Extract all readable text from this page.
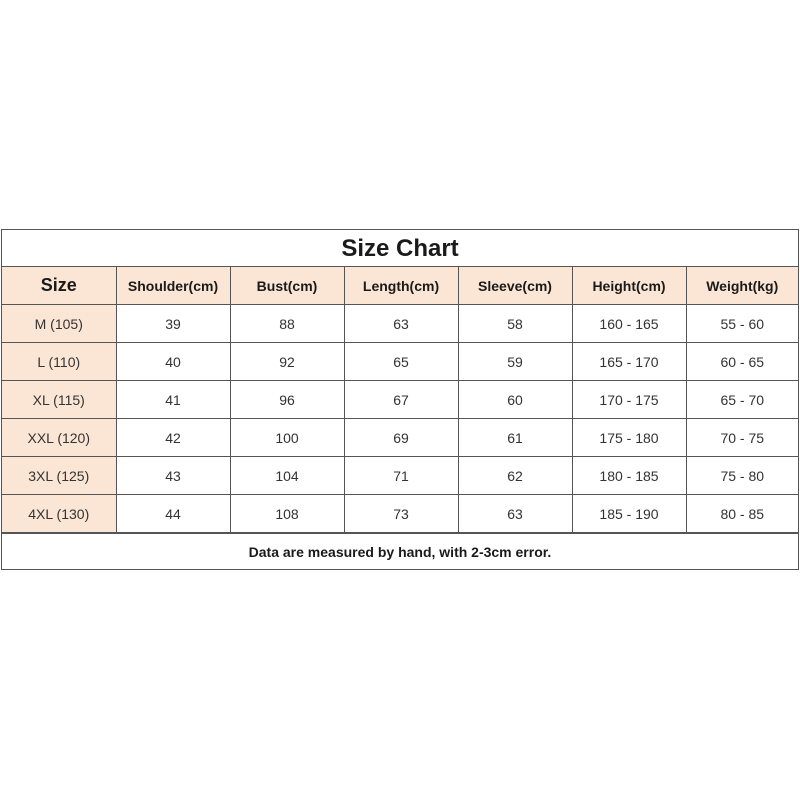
Size Chart
Size	Shoulder(cm)	Bust(cm)	Length(cm)	Sleeve(cm)	Height(cm)	Weight(kg)
M (105)	39	88	63	58	160 - 165	55 - 60
L (110)	40	92	65	59	165 - 170	60 - 65
XL (115)	41	96	67	60	170 - 175	65 - 70
XXL (120)	42	100	69	61	175 - 180	70 - 75
3XL (125)	43	104	71	62	180 - 185	75 - 80
4XL (130)	44	108	73	63	185 - 190	80 - 85
Data are measured by hand, with 2-3cm error.
